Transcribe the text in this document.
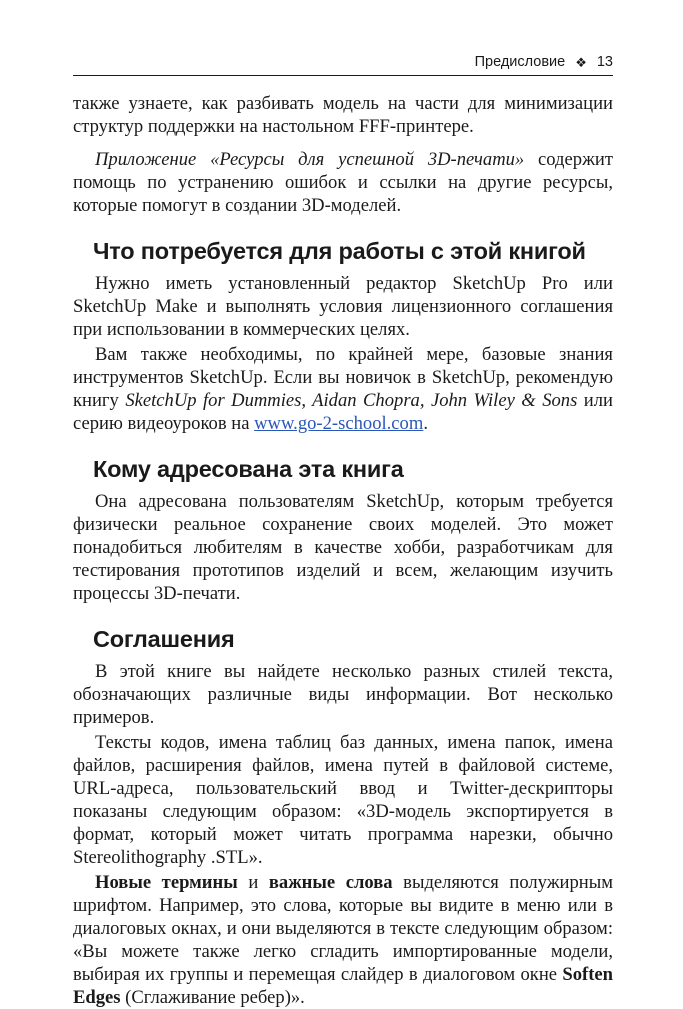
Предисловие ❖ 13

также узнаете, как разбивать модель на части для минимизации структур поддержки на настольном FFF-принтере.

Приложение «Ресурсы для успешной 3D-печати» содержит помощь по устранению ошибок и ссылки на другие ресурсы, которые помогут в создании 3D-моделей.

Что потребуется для работы с этой книгой

Нужно иметь установленный редактор SketchUp Pro или SketchUp Make и выполнять условия лицензионного соглашения при использовании в коммерческих целях.

Вам также необходимы, по крайней мере, базовые знания инструментов SketchUp. Если вы новичок в SketchUp, рекомендую книгу SketchUp for Dummies, Aidan Chopra, John Wiley & Sons или серию видеоуроков на www.go-2-school.com.

Кому адресована эта книга

Она адресована пользователям SketchUp, которым требуется физически реальное сохранение своих моделей. Это может понадобиться любителям в качестве хобби, разработчикам для тестирования прототипов изделий и всем, желающим изучить процессы 3D-печати.

Соглашения

В этой книге вы найдете несколько разных стилей текста, обозначающих различные виды информации. Вот несколько примеров.

Тексты кодов, имена таблиц баз данных, имена папок, имена файлов, расширения файлов, имена путей в файловой системе, URL-адреса, пользовательский ввод и Twitter-дескрипторы показаны следующим образом: «3D-модель экспортируется в формат, который может читать программа нарезки, обычно Stereolithography .STL».

Новые термины и важные слова выделяются полужирным шрифтом. Например, это слова, которые вы видите в меню или в диалоговых окнах, и они выделяются в тексте следующим образом: «Вы можете также легко сгладить импортированные модели, выбирая их группы и перемещая слайдер в диалоговом окне Soften Edges (Сглаживание ребер)».
